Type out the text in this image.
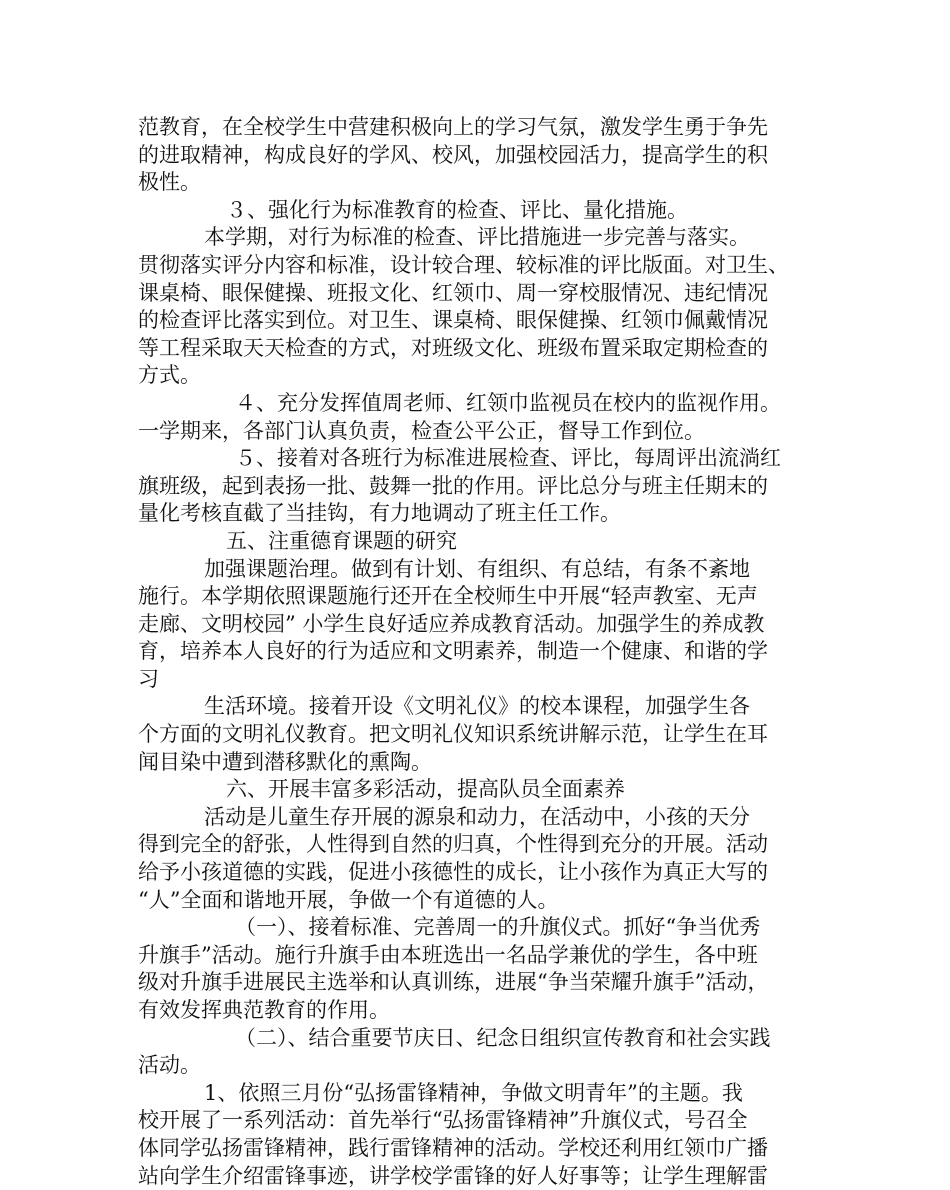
范教育，在全校学生中营建积极向上的学习气氛，激发学生勇于争先
的进取精神，构成良好的学风、校风，加强校园活力，提高学生的积
极性。
３、强化行为标准教育的检查、评比、量化措施。
本学期，对行为标准的检查、评比措施进一步完善与落实。
贯彻落实评分内容和标准，设计较合理、较标准的评比版面。对卫生、
课桌椅、眼保健操、班报文化、红领巾、周一穿校服情况、违纪情况
的检查评比落实到位。对卫生、课桌椅、眼保健操、红领巾佩戴情况
等工程采取天天检查的方式，对班级文化、班级布置采取定期检查的
方式。
４、充分发挥值周老师、红领巾监视员在校内的监视作用。
一学期来，各部门认真负责，检查公平公正，督导工作到位。
５、接着对各班行为标准进展检查、评比，每周评出流淌红
旗班级，起到表扬一批、鼓舞一批的作用。评比总分与班主任期末的
量化考核直截了当挂钩，有力地调动了班主任工作。
五、注重德育课题的研究
加强课题治理。做到有计划、有组织、有总结，有条不紊地
施行。本学期依照课题施行还开在全校师生中开展“轻声教室、无声
走廊、文明校园” 小学生良好适应养成教育活动。加强学生的养成教
育，培养本人良好的行为适应和文明素养，制造一个健康、和谐的学
习
生活环境。接着开设《文明礼仪》的校本课程，加强学生各
个方面的文明礼仪教育。把文明礼仪知识系统讲解示范，让学生在耳
闻目染中遭到潜移默化的熏陶。
六、开展丰富多彩活动，提高队员全面素养
活动是儿童生存开展的源泉和动力，在活动中，小孩的天分
得到完全的舒张，人性得到自然的归真，个性得到充分的开展。活动
给予小孩道德的实践，促进小孩德性的成长，让小孩作为真正大写的
“人”全面和谐地开展，争做一个有道德的人。
（一）、接着标准、完善周一的升旗仪式。抓好“争当优秀
升旗手”活动。施行升旗手由本班选出一名品学兼优的学生，各中班
级对升旗手进展民主选举和认真训练，进展“争当荣耀升旗手”活动，
有效发挥典范教育的作用。
（二）、结合重要节庆日、纪念日组织宣传教育和社会实践
活动。
1、依照三月份“弘扬雷锋精神，争做文明青年”的主题。我
校开展了一系列活动：首先举行“弘扬雷锋精神”升旗仪式，号召全
体同学弘扬雷锋精神，践行雷锋精神的活动。学校还利用红领巾广播
站向学生介绍雷锋事迹，讲学校学雷锋的好人好事等；让学生理解雷
